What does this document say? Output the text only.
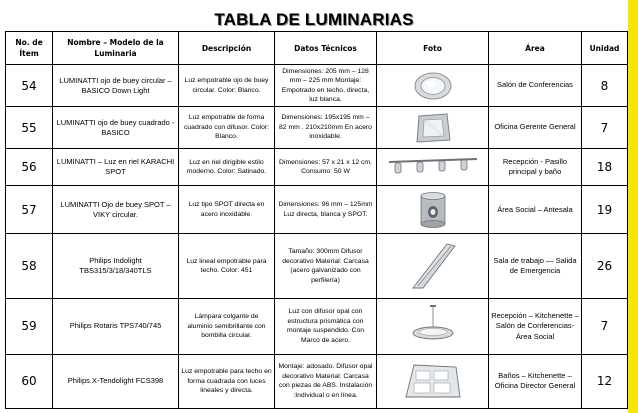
TABLA DE LUMINARIAS
No. de Ítem	Nombre – Modelo de la Luminaria	Descripción	Datos Técnicos	Foto	Área	Unidad
54	LUMINATTI ojo de buey circular – BASICO Down Light	Luz empotrable ojo de buey circular. Color: Blanco.	Dimensiones: 205 mm – 128 mm – 225 mm Montaje: Empotrado en techo, directa, luz blanca.		Salón de Conferencias	8
55	LUMINATTI ojo de buey cuadrado - BASICO	Luz empotrable de forma cuadrado con difusor. Color: Blanco.	Dimensiones: 195x195 mm – 82 mm . 210x210mm En acero inoxidable.		Oficina Gerente General	7
56	LUMINATTI – Luz en riel KARACHI SPOT	Luz en riel dirigible estilo moderno. Color: Satinado.	Dimensiones: 57 x 21 x 12 cm. Consumo: 50 W		Recepción - Pasillo principal y baño	18
57	LUMINATTI Ojo de buey SPOT – VIKY circular.	Luz tipo SPOT directa en acero inoxidable.	Dimensiones: 96 mm – 125mm Luz directa, blanca y SPOT.		Área Social – Antesala	19
58	Philips Indolight TBS315/3/18/340TLS	Luz lineal empotrable para techo. Color: 451	Tamaño: 300mm Difusor decorativo Material: Carcasa (acero galvanizado con perfilería)		Sala de trabajo — Salida de Emergencia	26
59	Philips Rotaris TPS740/745	Lámpara colgante de aluminio semibrillante con bombilla circular.	Luz con difusor opal con estructura prismática con montaje suspendido. Con Marco de acero.		Recepción – Kitchenette – Salón de Conferencias- Área Social	7
60	Philips X-Tendolight FCS398	Luz empotrable para techo en forma cuadrada con luces lineales y directa.	Montaje: adosado. Difusor opal decorativo Material: Carcasa con piezas de ABS. Instalación :Individual o en línea.		Baños – Kitchenette – Oficina Director General	12
